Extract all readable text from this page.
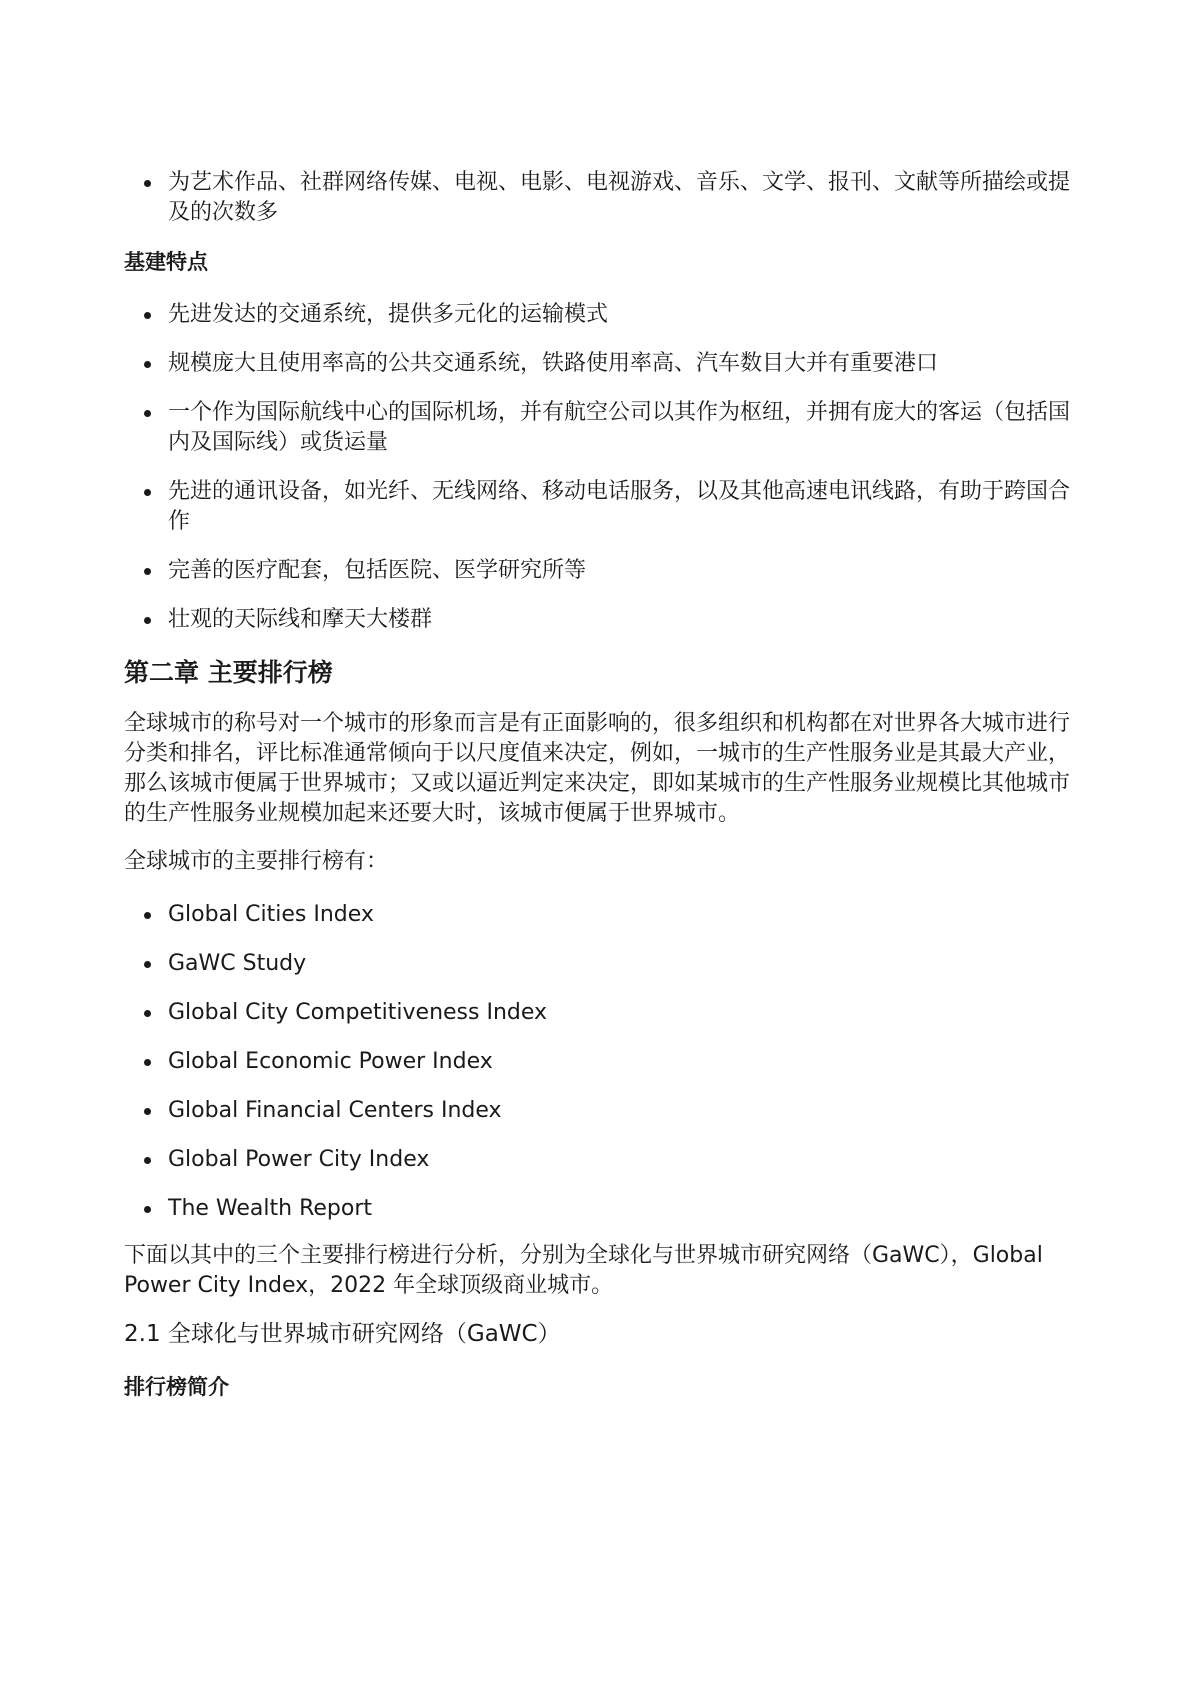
为艺术作品、社群网络传媒、电视、电影、电视游戏、音乐、文学、报刊、文献等所描绘或提及的次数多
基建特点
先进发达的交通系统，提供多元化的运输模式
规模庞大且使用率高的公共交通系统，铁路使用率高、汽车数目大并有重要港口
一个作为国际航线中心的国际机场，并有航空公司以其作为枢纽，并拥有庞大的客运（包括国内及国际线）或货运量
先进的通讯设备，如光纤、无线网络、移动电话服务，以及其他高速电讯线路，有助于跨国合作
完善的医疗配套，包括医院、医学研究所等
壮观的天际线和摩天大楼群
第二章 主要排行榜

全球城市的称号对一个城市的形象而言是有正面影响的，很多组织和机构都在对世界各大城市进行分类和排名，评比标准通常倾向于以尺度值来决定，例如，一城市的生产性服务业是其最大产业，那么该城市便属于世界城市；又或以逼近判定来决定，即如某城市的生产性服务业规模比其他城市的生产性服务业规模加起来还要大时，该城市便属于世界城市。

全球城市的主要排行榜有：

Global Cities Index
GaWC Study
Global City Competitiveness Index
Global Economic Power Index
Global Financial Centers Index
Global Power City Index
The Wealth Report

下面以其中的三个主要排行榜进行分析，分别为全球化与世界城市研究网络（GaWC），Global Power City Index，2022 年全球顶级商业城市。

2.1 全球化与世界城市研究网络（GaWC）
排行榜简介
